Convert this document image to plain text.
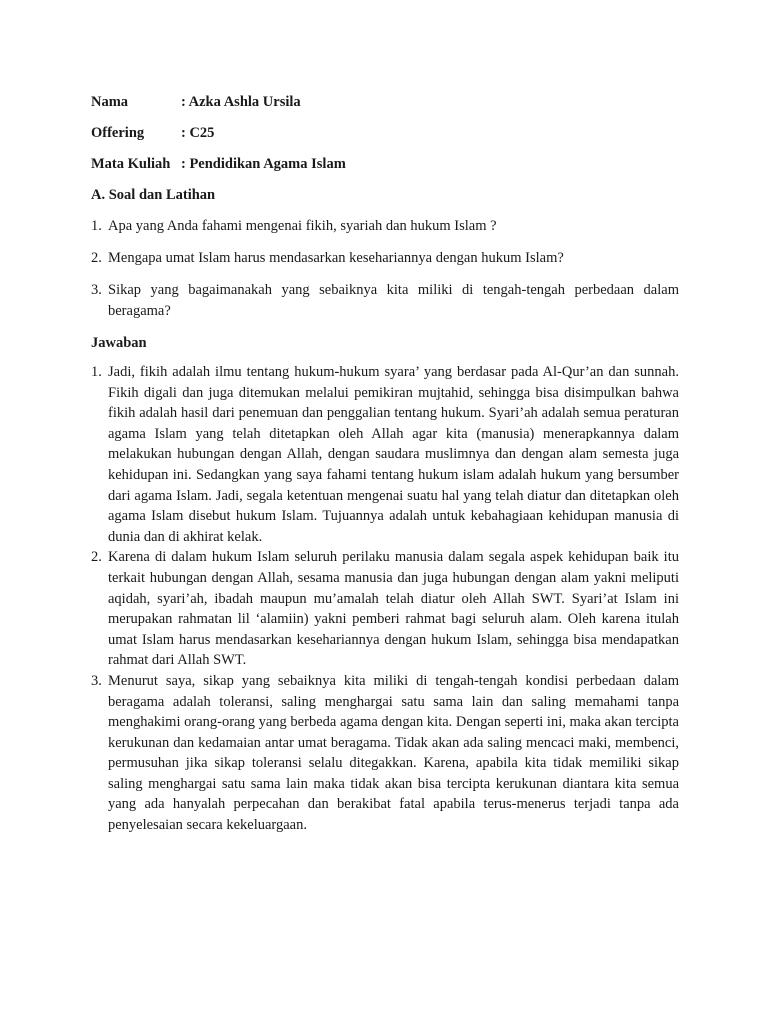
Nama	: Azka Ashla Ursila
Offering	: C25
Mata Kuliah : Pendidikan Agama Islam
A. Soal dan Latihan
1. Apa yang Anda fahami mengenai fikih, syariah dan hukum Islam ?
2. Mengapa umat Islam harus mendasarkan kesehariannya dengan hukum Islam?
3. Sikap yang bagaimanakah yang sebaiknya kita miliki di tengah-tengah perbedaan dalam beragama?
Jawaban
1. Jadi, fikih adalah ilmu tentang hukum-hukum syara’ yang berdasar pada Al-Qur’an dan sunnah. Fikih digali dan juga ditemukan melalui pemikiran mujtahid, sehingga bisa disimpulkan bahwa fikih adalah hasil dari penemuan dan penggalian tentang hukum. Syari’ah adalah semua peraturan agama Islam yang telah ditetapkan oleh Allah agar kita (manusia) menerapkannya dalam melakukan hubungan dengan Allah, dengan saudara muslimnya dan dengan alam semesta juga kehidupan ini. Sedangkan yang saya fahami tentang hukum islam adalah hukum yang bersumber dari agama Islam. Jadi, segala ketentuan mengenai suatu hal yang telah diatur dan ditetapkan oleh agama Islam disebut hukum Islam. Tujuannya adalah untuk kebahagiaan kehidupan manusia di dunia dan di akhirat kelak.
2. Karena di dalam hukum Islam seluruh perilaku manusia dalam segala aspek kehidupan baik itu terkait hubungan dengan Allah, sesama manusia dan juga hubungan dengan alam yakni meliputi aqidah, syari’ah, ibadah maupun mu’amalah telah diatur oleh Allah SWT. Syari’at Islam ini merupakan rahmatan lil ‘alamiin) yakni pemberi rahmat bagi seluruh alam. Oleh karena itulah umat Islam harus mendasarkan kesehariannya dengan hukum Islam, sehingga bisa mendapatkan rahmat dari Allah SWT.
3. Menurut saya, sikap yang sebaiknya kita miliki di tengah-tengah kondisi perbedaan dalam beragama adalah toleransi, saling menghargai satu sama lain dan saling memahami tanpa menghakimi orang-orang yang berbeda agama dengan kita. Dengan seperti ini, maka akan tercipta kerukunan dan kedamaian antar umat beragama. Tidak akan ada saling mencaci maki, membenci, permusuhan jika sikap toleransi selalu ditegakkan. Karena, apabila kita tidak memiliki sikap saling menghargai satu sama lain maka tidak akan bisa tercipta kerukunan diantara kita semua yang ada hanyalah perpecahan dan berakibat fatal apabila terus-menerus terjadi tanpa ada penyelesaian secara kekeluargaan.
